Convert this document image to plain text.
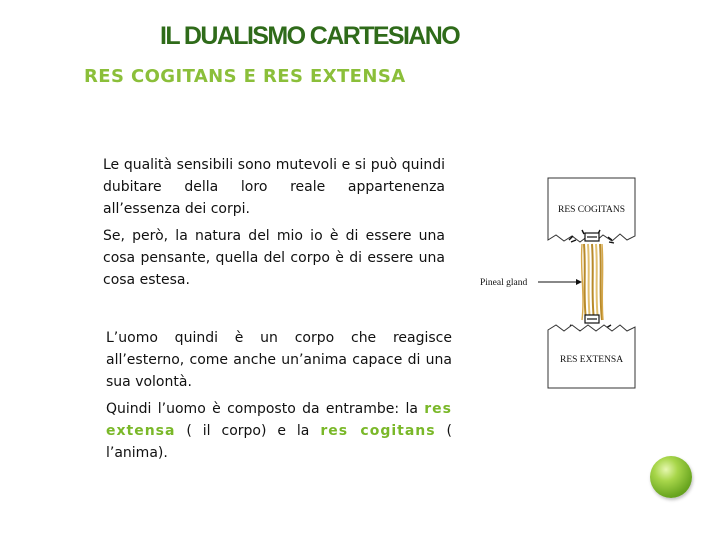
IL DUALISMO CARTESIANO
RES COGITANS E RES EXTENSA

Le qualità sensibili sono mutevoli e si può quindi dubitare della loro reale appartenenza all’essenza dei corpi.

Se, però, la natura del mio io è di essere una cosa pensante, quella del corpo è di essere una cosa estesa.

L’uomo quindi è un corpo che reagisce all’esterno, come anche un’anima capace di una sua volontà.

Quindi l’uomo è composto da entrambe: la res extensa ( il corpo) e la res cogitans ( l’anima).

RES COGITANS
Pineal gland
RES EXTENSA
